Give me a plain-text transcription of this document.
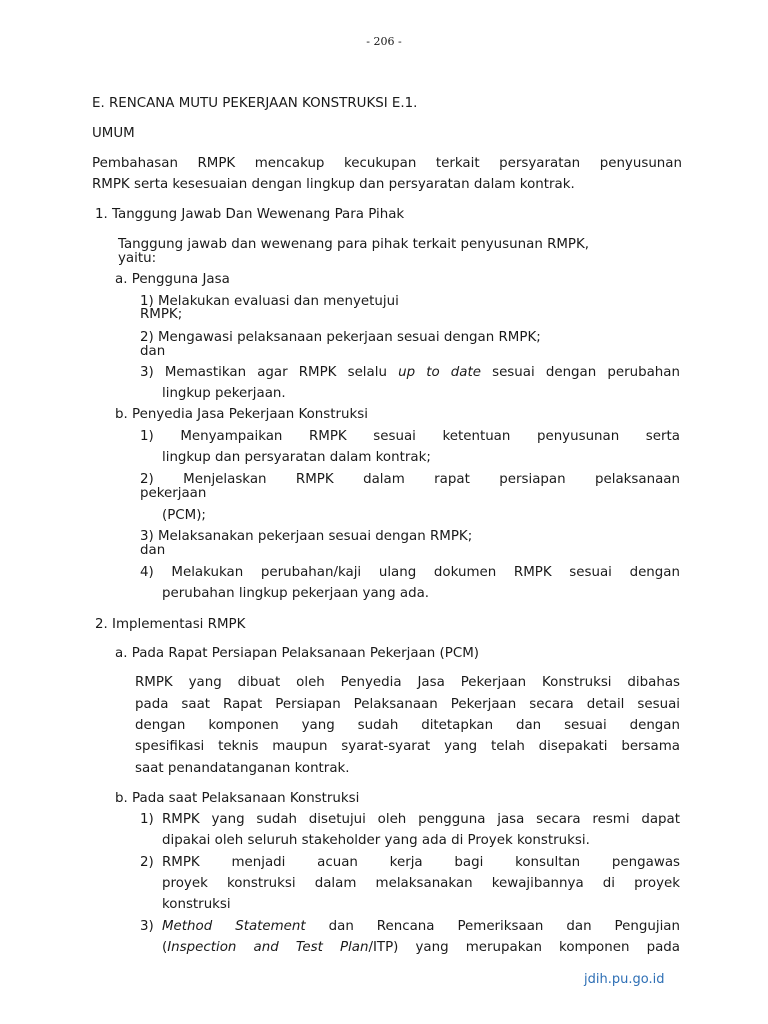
- 206 -
E. RENCANA MUTU PEKERJAAN KONSTRUKSI E.1.
UMUM
Pembahasan RMPK mencakup kecukupan terkait persyaratan penyusunan
RMPK serta kesesuaian dengan lingkup dan persyaratan dalam kontrak.
1. Tanggung Jawab Dan Wewenang Para Pihak
Tanggung jawab dan wewenang para pihak terkait penyusunan RMPK,
yaitu:
a. Pengguna Jasa
1) Melakukan evaluasi dan menyetujui
RMPK;
2) Mengawasi pelaksanaan pekerjaan sesuai dengan RMPK;
dan
3) Memastikan agar RMPK selalu up to date sesuai dengan perubahan
lingkup pekerjaan.
b. Penyedia Jasa Pekerjaan Konstruksi
1) Menyampaikan RMPK sesuai ketentuan penyusunan serta
lingkup dan persyaratan dalam kontrak;
2) Menjelaskan RMPK dalam rapat persiapan pelaksanaan
pekerjaan
(PCM);
3) Melaksanakan pekerjaan sesuai dengan RMPK;
dan
4) Melakukan perubahan/kaji ulang dokumen RMPK sesuai dengan
perubahan lingkup pekerjaan yang ada.
2. Implementasi RMPK
a. Pada Rapat Persiapan Pelaksanaan Pekerjaan (PCM)
RMPK yang dibuat oleh Penyedia Jasa Pekerjaan Konstruksi dibahas
pada saat Rapat Persiapan Pelaksanaan Pekerjaan secara detail sesuai
dengan komponen yang sudah ditetapkan dan sesuai dengan
spesifikasi teknis maupun syarat-syarat yang telah disepakati bersama
saat penandatanganan kontrak.
b. Pada saat Pelaksanaan Konstruksi
1) RMPK yang sudah disetujui oleh pengguna jasa secara resmi dapat
dipakai oleh seluruh stakeholder yang ada di Proyek konstruksi.
2) RMPK menjadi acuan kerja bagi konsultan pengawas
proyek konstruksi dalam melaksanakan kewajibannya di proyek
konstruksi
3) Method Statement dan Rencana Pemeriksaan dan Pengujian
(Inspection and Test Plan/ITP) yang merupakan komponen pada
jdih.pu.go.id
